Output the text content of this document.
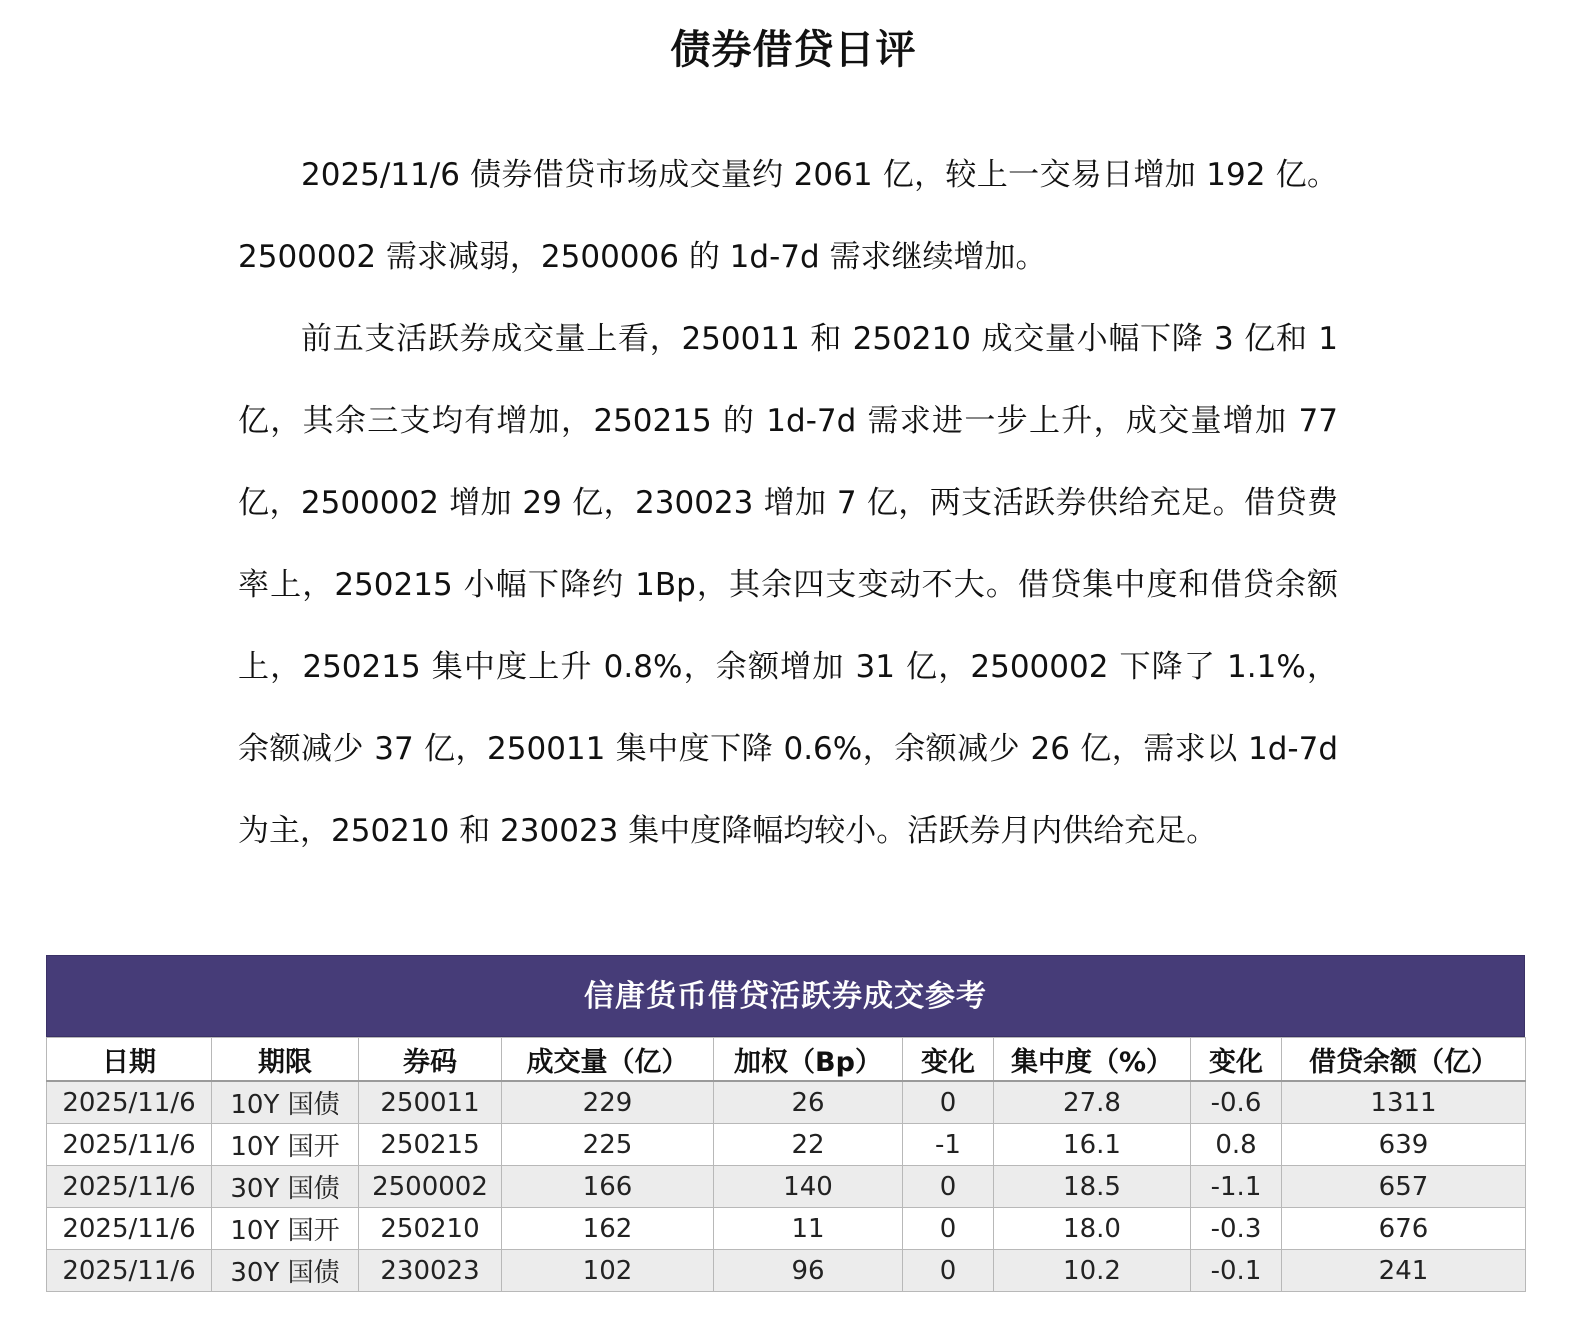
债券借贷日评

2025/11/6 债券借贷市场成交量约 2061 亿，较上一交易日增加 192 亿。2500002 需求减弱，2500006 的 1d-7d 需求继续增加。

前五支活跃券成交量上看，250011 和 250210 成交量小幅下降 3 亿和 1 亿，其余三支均有增加，250215 的 1d-7d 需求进一步上升，成交量增加 77 亿，2500002 增加 29 亿，230023 增加 7 亿，两支活跃券供给充足。借贷费率上，250215 小幅下降约 1Bp，其余四支变动不大。借贷集中度和借贷余额上，250215 集中度上升 0.8%，余额增加 31 亿，2500002 下降了 1.1%，余额减少 37 亿，250011 集中度下降 0.6%，余额减少 26 亿，需求以 1d-7d 为主，250210 和 230023 集中度降幅均较小。活跃券月内供给充足。

信唐货币借贷活跃券成交参考
日期	期限	券码	成交量（亿）	加权（Bp）	变化	集中度（%）	变化	借贷余额（亿）
2025/11/6	10Y 国债	250011	229	26	0	27.8	-0.6	1311
2025/11/6	10Y 国开	250215	225	22	-1	16.1	0.8	639
2025/11/6	30Y 国债	2500002	166	140	0	18.5	-1.1	657
2025/11/6	10Y 国开	250210	162	11	0	18.0	-0.3	676
2025/11/6	30Y 国债	230023	102	96	0	10.2	-0.1	241
